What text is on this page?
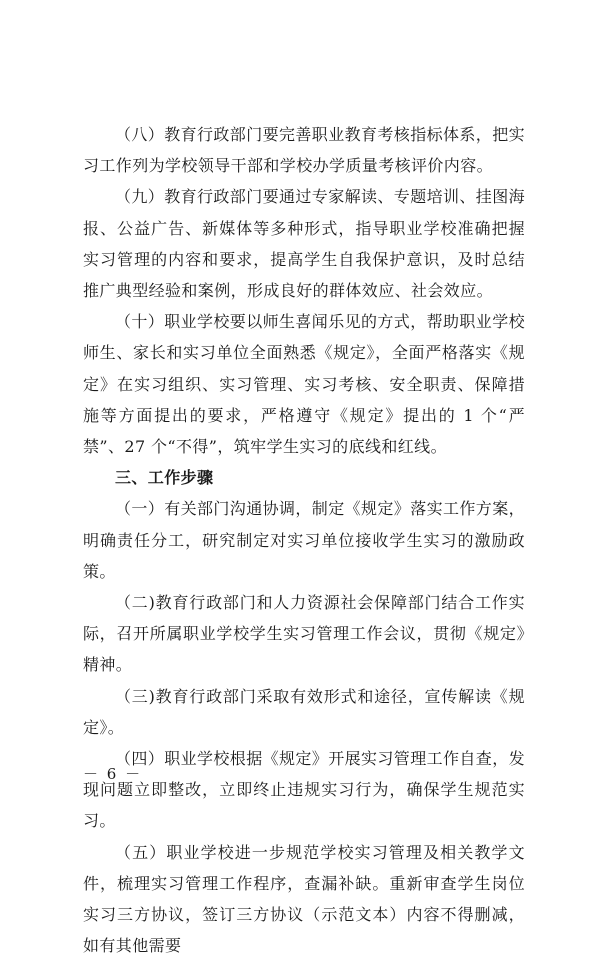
（八）教育行政部门要完善职业教育考核指标体系，把实习工作列为学校领导干部和学校办学质量考核评价内容。

（九）教育行政部门要通过专家解读、专题培训、挂图海报、公益广告、新媒体等多种形式，指导职业学校准确把握实习管理的内容和要求，提高学生自我保护意识，及时总结推广典型经验和案例，形成良好的群体效应、社会效应。

（十）职业学校要以师生喜闻乐见的方式，帮助职业学校师生、家长和实习单位全面熟悉《规定》，全面严格落实《规定》在实习组织、实习管理、实习考核、安全职责、保障措施等方面提出的要求，严格遵守《规定》提出的 1 个“严禁”、27 个“不得”，筑牢学生实习的底线和红线。

三、工作步骤

（一）有关部门沟通协调，制定《规定》落实工作方案，明确责任分工，研究制定对实习单位接收学生实习的激励政策。

（二)教育行政部门和人力资源社会保障部门结合工作实际，召开所属职业学校学生实习管理工作会议，贯彻《规定》精神。

（三)教育行政部门采取有效形式和途径，宣传解读《规定》。

（四）职业学校根据《规定》开展实习管理工作自查，发现问题立即整改，立即终止违规实习行为，确保学生规范实习。

（五）职业学校进一步规范学校实习管理及相关教学文件，梳理实习管理工作程序，查漏补缺。重新审查学生岗位实习三方协议，签订三方协议（示范文本）内容不得删减，如有其他需要

－ 6 －
